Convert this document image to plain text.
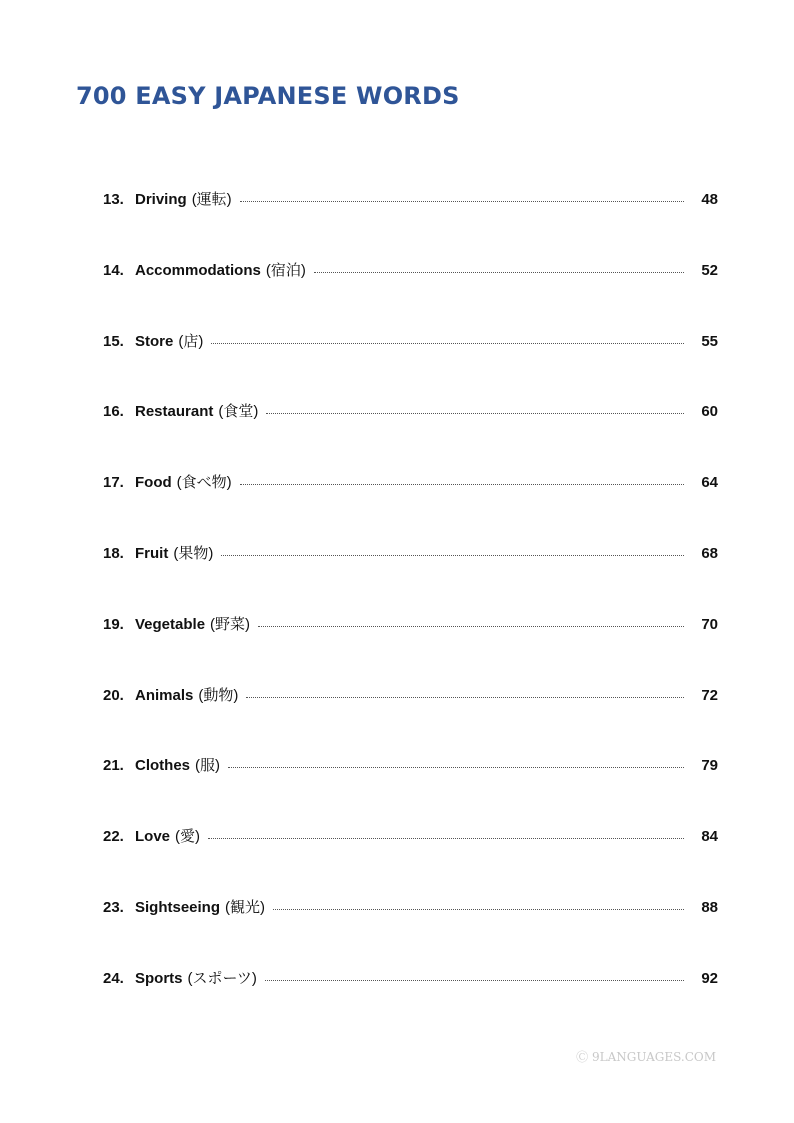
700 EASY JAPANESE WORDS
13. Driving (運転)	48
14. Accommodations (宿泊)	52
15. Store (店)	55
16. Restaurant (食堂)	60
17. Food (食べ物)	64
18. Fruit (果物)	68
19. Vegetable (野菜)	70
20. Animals (動物)	72
21. Clothes (服)	79
22. Love (愛)	84
23. Sightseeing (観光)	88
24. Sports (スポーツ)	92
Ⓒ 9LANGUAGES.COM
